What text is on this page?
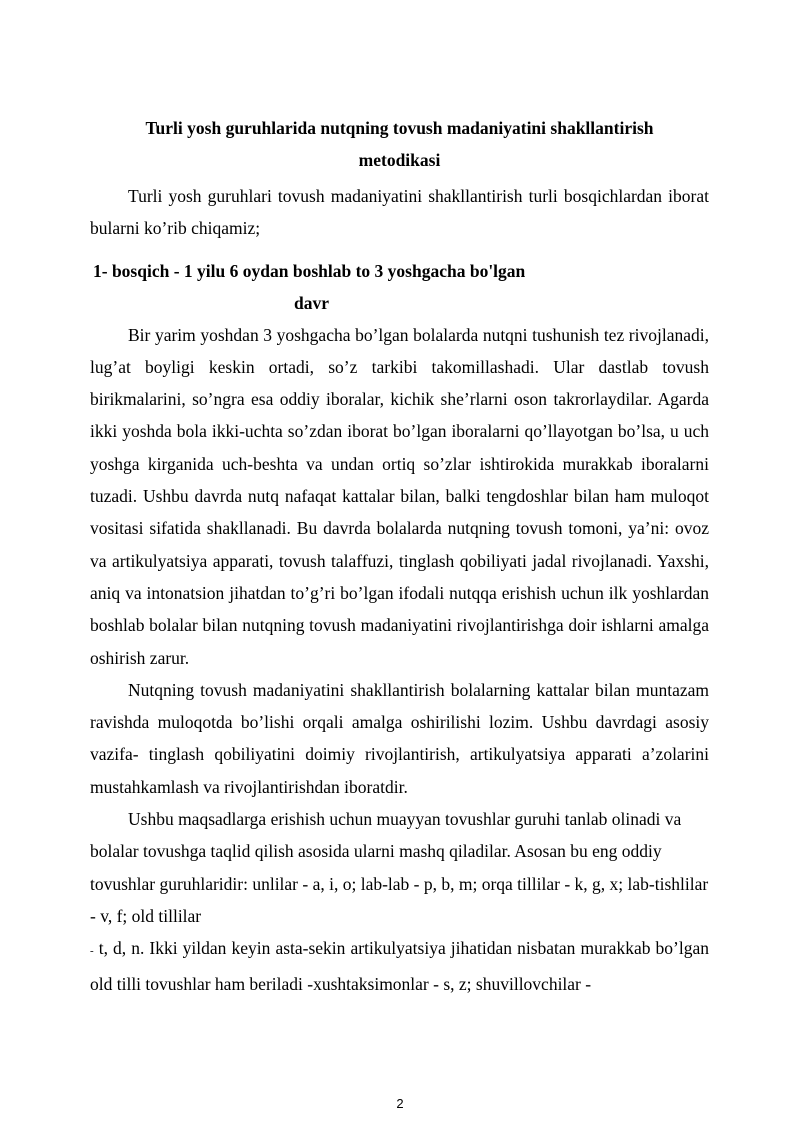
Turli yosh guruhlarida nutqning tovush madaniyatini shakllantirish
metodikasi

Turli yosh guruhlari tovush madaniyatini shakllantirish turli bosqichlardan iborat bularni ko’rib chiqamiz;

1- bosqich - 1 yilu 6 oydan boshlab to 3 yoshgacha bo'lgan
davr

Bir yarim yoshdan 3 yoshgacha bo’lgan bolalarda nutqni tushunish tez rivojlanadi, lug’at boyligi keskin ortadi, so’z tarkibi takomillashadi. Ular dastlab tovush birikmalarini, so’ngra esa oddiy iboralar, kichik she’rlarni oson takrorlaydilar. Agarda ikki yoshda bola ikki-uchta so’zdan iborat bo’lgan iboralarni qo’llayotgan bo’lsa, u uch yoshga kirganida uch-beshta va undan ortiq so’zlar ishtirokida murakkab iboralarni tuzadi. Ushbu davrda nutq nafaqat kattalar bilan, balki tengdoshlar bilan ham muloqot vositasi sifatida shakllanadi. Bu davrda bolalarda nutqning tovush tomoni, ya’ni: ovoz va artikulyatsiya apparati, tovush talaffuzi, tinglash qobiliyati jadal rivojlanadi. Yaxshi, aniq va intonatsion jihatdan to’g’ri bo’lgan ifodali nutqqa erishish uchun ilk yoshlardan boshlab bolalar bilan nutqning tovush madaniyatini rivojlantirishga doir ishlarni amalga oshirish zarur.

Nutqning tovush madaniyatini shakllantirish bolalarning kattalar bilan muntazam ravishda muloqotda bo’lishi orqali amalga oshirilishi lozim. Ushbu davrdagi asosiy vazifa- tinglash qobiliyatini doimiy rivojlantirish, artikulyatsiya apparati a’zolarini mustahkamlash va rivojlantirishdan iboratdir.

Ushbu maqsadlarga erishish uchun muayyan tovushlar guruhi tanlab olinadi va bolalar tovushga taqlid qilish asosida ularni mashq qiladilar. Asosan bu eng oddiy tovushlar guruhlaridir: unlilar - a, i, o; lab-lab - p, b, m; orqa tillilar - k, g, x; lab-tishlilar - v, f; old tillilar

- t, d, n. Ikki yildan keyin asta-sekin artikulyatsiya jihatidan nisbatan murakkab bo’lgan old tilli tovushlar ham beriladi -xushtaksimonlar - s, z; shuvillovchilar -

2
